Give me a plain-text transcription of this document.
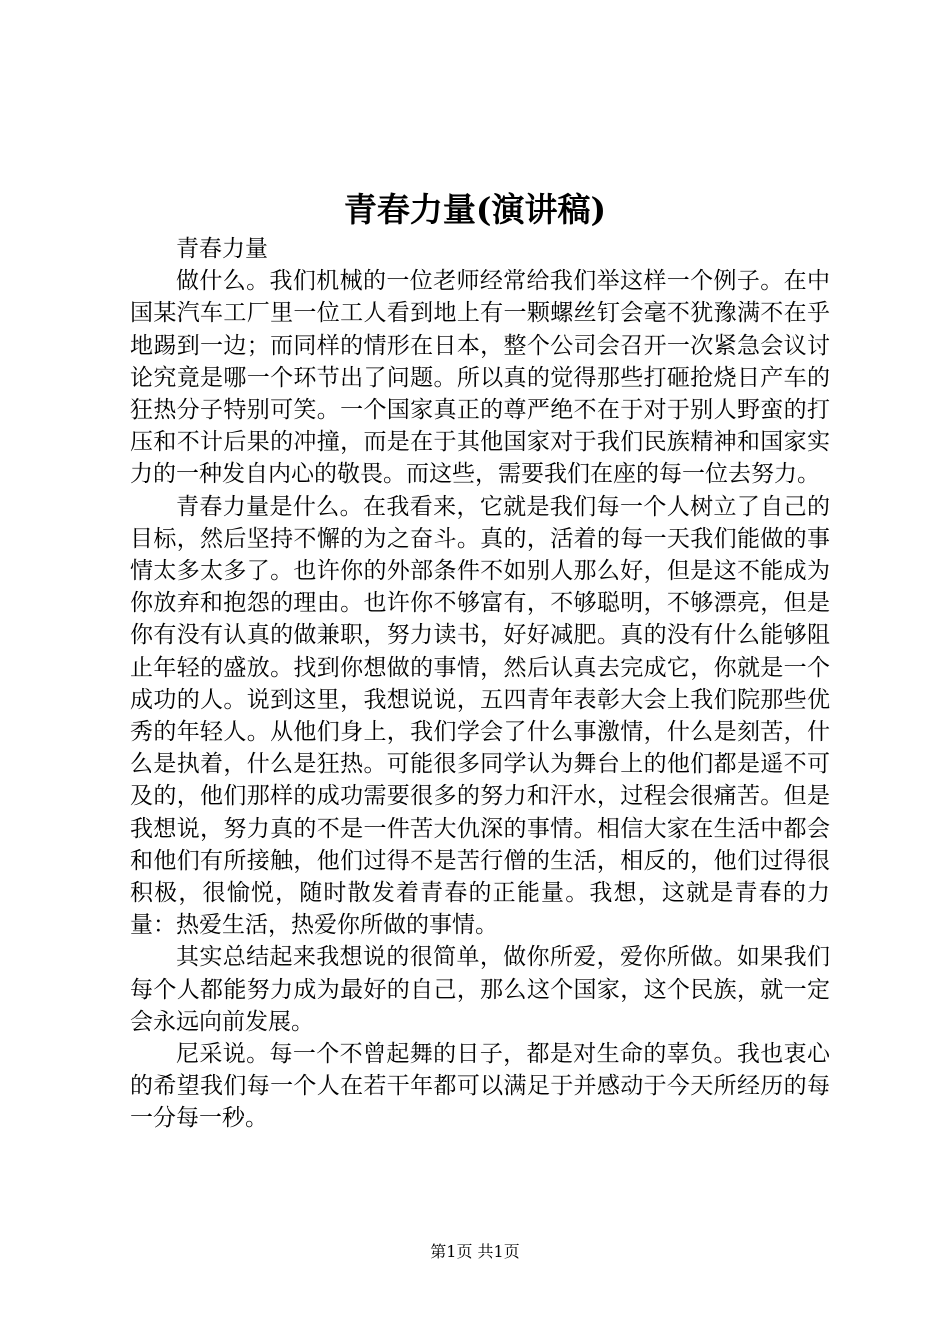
青春力量(演讲稿)

青春力量

做什么。我们机械的一位老师经常给我们举这样一个例子。在中国某汽车工厂里一位工人看到地上有一颗螺丝钉会毫不犹豫满不在乎地踢到一边；而同样的情形在日本，整个公司会召开一次紧急会议讨论究竟是哪一个环节出了问题。所以真的觉得那些打砸抢烧日产车的狂热分子特别可笑。一个国家真正的尊严绝不在于对于别人野蛮的打压和不计后果的冲撞，而是在于其他国家对于我们民族精神和国家实力的一种发自内心的敬畏。而这些，需要我们在座的每一位去努力。

青春力量是什么。在我看来，它就是我们每一个人树立了自己的目标，然后坚持不懈的为之奋斗。真的，活着的每一天我们能做的事情太多太多了。也许你的外部条件不如别人那么好，但是这不能成为你放弃和抱怨的理由。也许你不够富有，不够聪明，不够漂亮，但是你有没有认真的做兼职，努力读书，好好减肥。真的没有什么能够阻止年轻的盛放。找到你想做的事情，然后认真去完成它，你就是一个成功的人。说到这里，我想说说，五四青年表彰大会上我们院那些优秀的年轻人。从他们身上，我们学会了什么事激情，什么是刻苦，什么是执着，什么是狂热。可能很多同学认为舞台上的他们都是遥不可及的，他们那样的成功需要很多的努力和汗水，过程会很痛苦。但是我想说，努力真的不是一件苦大仇深的事情。相信大家在生活中都会和他们有所接触，他们过得不是苦行僧的生活，相反的，他们过得很积极，很愉悦，随时散发着青春的正能量。我想，这就是青春的力量：热爱生活，热爱你所做的事情。

其实总结起来我想说的很简单，做你所爱，爱你所做。如果我们每个人都能努力成为最好的自己，那么这个国家，这个民族，就一定会永远向前发展。

尼采说。每一个不曾起舞的日子，都是对生命的辜负。我也衷心的希望我们每一个人在若干年都可以满足于并感动于今天所经历的每一分每一秒。

第1页 共1页
